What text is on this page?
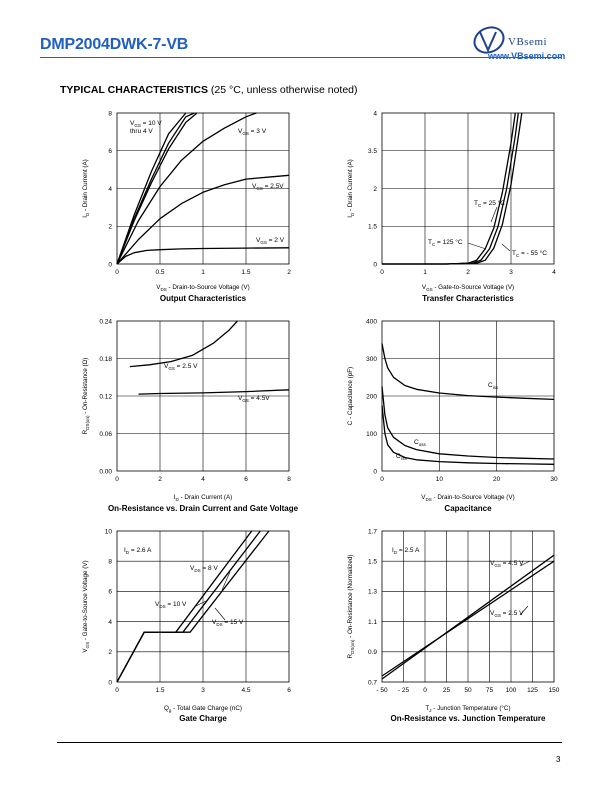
DMP2004DWK-7-VB	VBsemi
www.VBsemi.com
TYPICAL CHARACTERISTICS (25 °C, unless otherwise noted)
0	0.5	1	1.5	2
0
2
4
6
8
$V_{GS} = 10$ V
thru 4 V	$V_{GS} = 3$ V
$V_{GS} = 2.5V$
$V_{GS} = 2$ V
$V_{DS}$ - Drain-to-Source Voltage (V)
$I_D$ - Drain Current (A)
Output Characteristics
0	1	2	3	4
0
1.5
2
3.5
4
$T_C = 25$ °C
$T_C = 125$ °C
$T_C$ = - 55 °C
$V_{GS}$ - Gate-to-Source Voltage (V)
$I_D$ - Drain Current (A)
Transfer Characteristics
0	2	4	6	8
0.00
0.06
0.12
0.18
0.24
$V_{GS} = 2.5$ V
$V_{GS} = 4.5V$
$I_D$ - Drain Current (A)
$R_{DS(on)}$ - On-Resistance (Ω)
On-Resistance vs. Drain Current and Gate Voltage
0	10	20	30
0
100
200
300
400
$C_{iss}$
$C_{oss}$
$C_{rss}$
$V_{DS}$ - Drain-to-Source Voltage (V)
C - Capacitance (pF)
Capacitance
0	1.5	3	4.5	6
0
2
4
6
8
10
$I_D = 2.6$ A
$V_{DS} = 8$ V
$V_{DS} = 10$ V
$V_{DS} = 15$ V
$Q_g$ - Total Gate Charge (nC)
$V_{GS}$ - Gate-to-Source Voltage (V)
Gate Charge
- 50 - 25 0 25 50 75 100 125 150
0.7
0.9
1.1
1.3
1.5
1.7
$I_D = 2.5$ A
$V_{GS} = 4.5$ V
$V_{GS} = 2.5$ V
$T_J$ - Junction Temperature (°C)
$R_{DS(on)}$ - On-Resistance (Normalized)
On-Resistance vs. Junction Temperature
3
